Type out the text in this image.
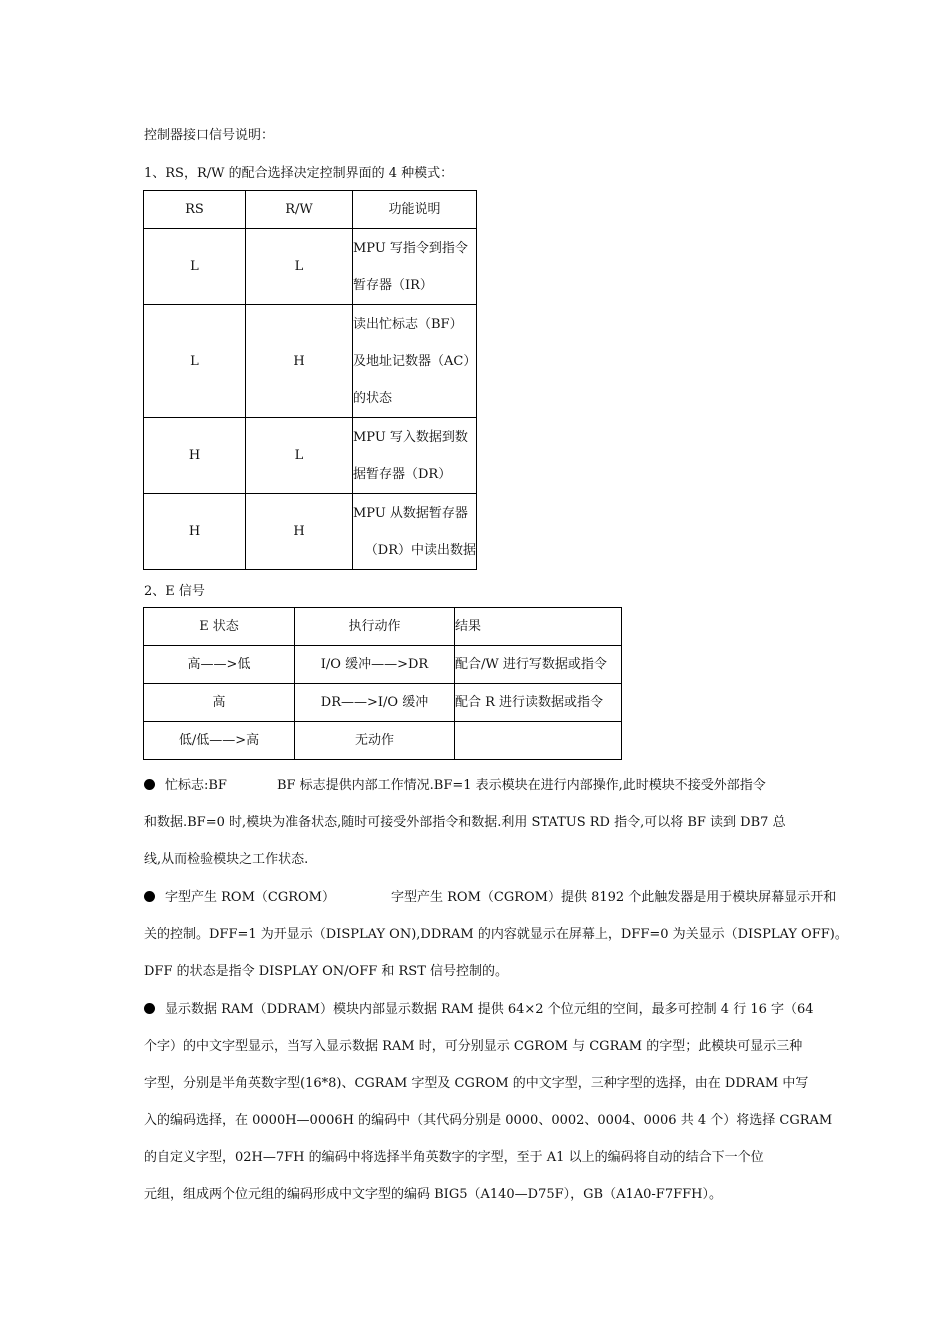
控制器接口信号说明：
1、RS，R/W 的配合选择决定控制界面的 4 种模式：
RS	R/W	功能说明
L	L	MPU 写指令到指令
暂存器（IR）

L	H	读出忙标志（BF）
及地址记数器（AC）
的状态

H	L	MPU 写入数据到数
据暂存器（DR）

H	H	MPU 从数据暂存器
（DR）中读出数据
2、E 信号
E 状态	执行动作	结果
高——>低	I/O 缓冲——>DR	配合/W 进行写数据或指令
高	DR——>I/O 缓冲	配合 R 进行读数据或指令
低/低——>高	无动作	
忙标志:BF	BF 标志提供内部工作情况.BF=1 表示模块在进行内部操作,此时模块不接受外部指令
和数据.BF=0 时,模块为准备状态,随时可接受外部指令和数据.利用 STATUS RD 指令,可以将 BF 读到 DB7 总
线,从而检验模块之工作状态.
字型产生 ROM（CGROM）	字型产生 ROM（CGROM）提供 8192 个此触发器是用于模块屏幕显示开和
关的控制。DFF=1 为开显示（DISPLAY ON),DDRAM 的内容就显示在屏幕上，DFF=0 为关显示（DISPLAY OFF)。
DFF 的状态是指令 DISPLAY ON/OFF 和 RST 信号控制的。
显示数据 RAM（DDRAM）模块内部显示数据 RAM 提供 64×2 个位元组的空间，最多可控制 4 行 16 字（64
个字）的中文字型显示，当写入显示数据 RAM 时，可分别显示 CGROM 与 CGRAM 的字型；此模块可显示三种
字型，分别是半角英数字型(16*8)、CGRAM 字型及 CGROM 的中文字型，三种字型的选择，由在 DDRAM 中写
入的编码选择，在 0000H—0006H 的编码中（其代码分别是 0000、0002、0004、0006 共 4 个）将选择 CGRAM
的自定义字型，02H—7FH 的编码中将选择半角英数字的字型，至于 A1 以上的编码将自动的结合下一个位
元组，组成两个位元组的编码形成中文字型的编码 BIG5（A140—D75F），GB（A1A0-F7FFH）。
